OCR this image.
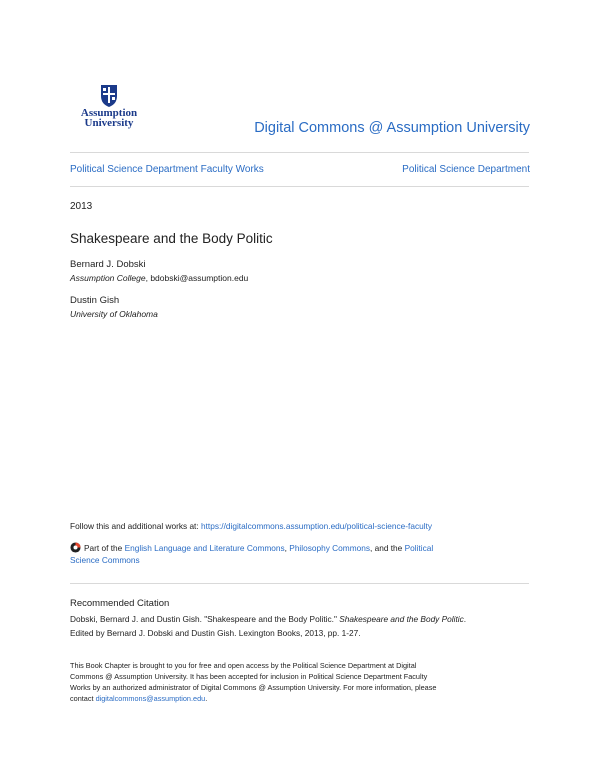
Assumption
University	Digital Commons @ Assumption University
Political Science Department Faculty Works	Political Science Department
2013
Shakespeare and the Body Politic
Bernard J. Dobski
Assumption College, bdobski@assumption.edu
Dustin Gish
University of Oklahoma
Follow this and additional works at: https://digitalcommons.assumption.edu/political-science-faculty
Part of the English Language and Literature Commons, Philosophy Commons, and the Political
Science Commons
Recommended Citation
Dobski, Bernard J. and Dustin Gish. "Shakespeare and the Body Politic." Shakespeare and the Body Politic.
Edited by Bernard J. Dobski and Dustin Gish. Lexington Books, 2013, pp. 1-27.
This Book Chapter is brought to you for free and open access by the Political Science Department at Digital
Commons @ Assumption University. It has been accepted for inclusion in Political Science Department Faculty
Works by an authorized administrator of Digital Commons @ Assumption University. For more information, please
contact digitalcommons@assumption.edu.
